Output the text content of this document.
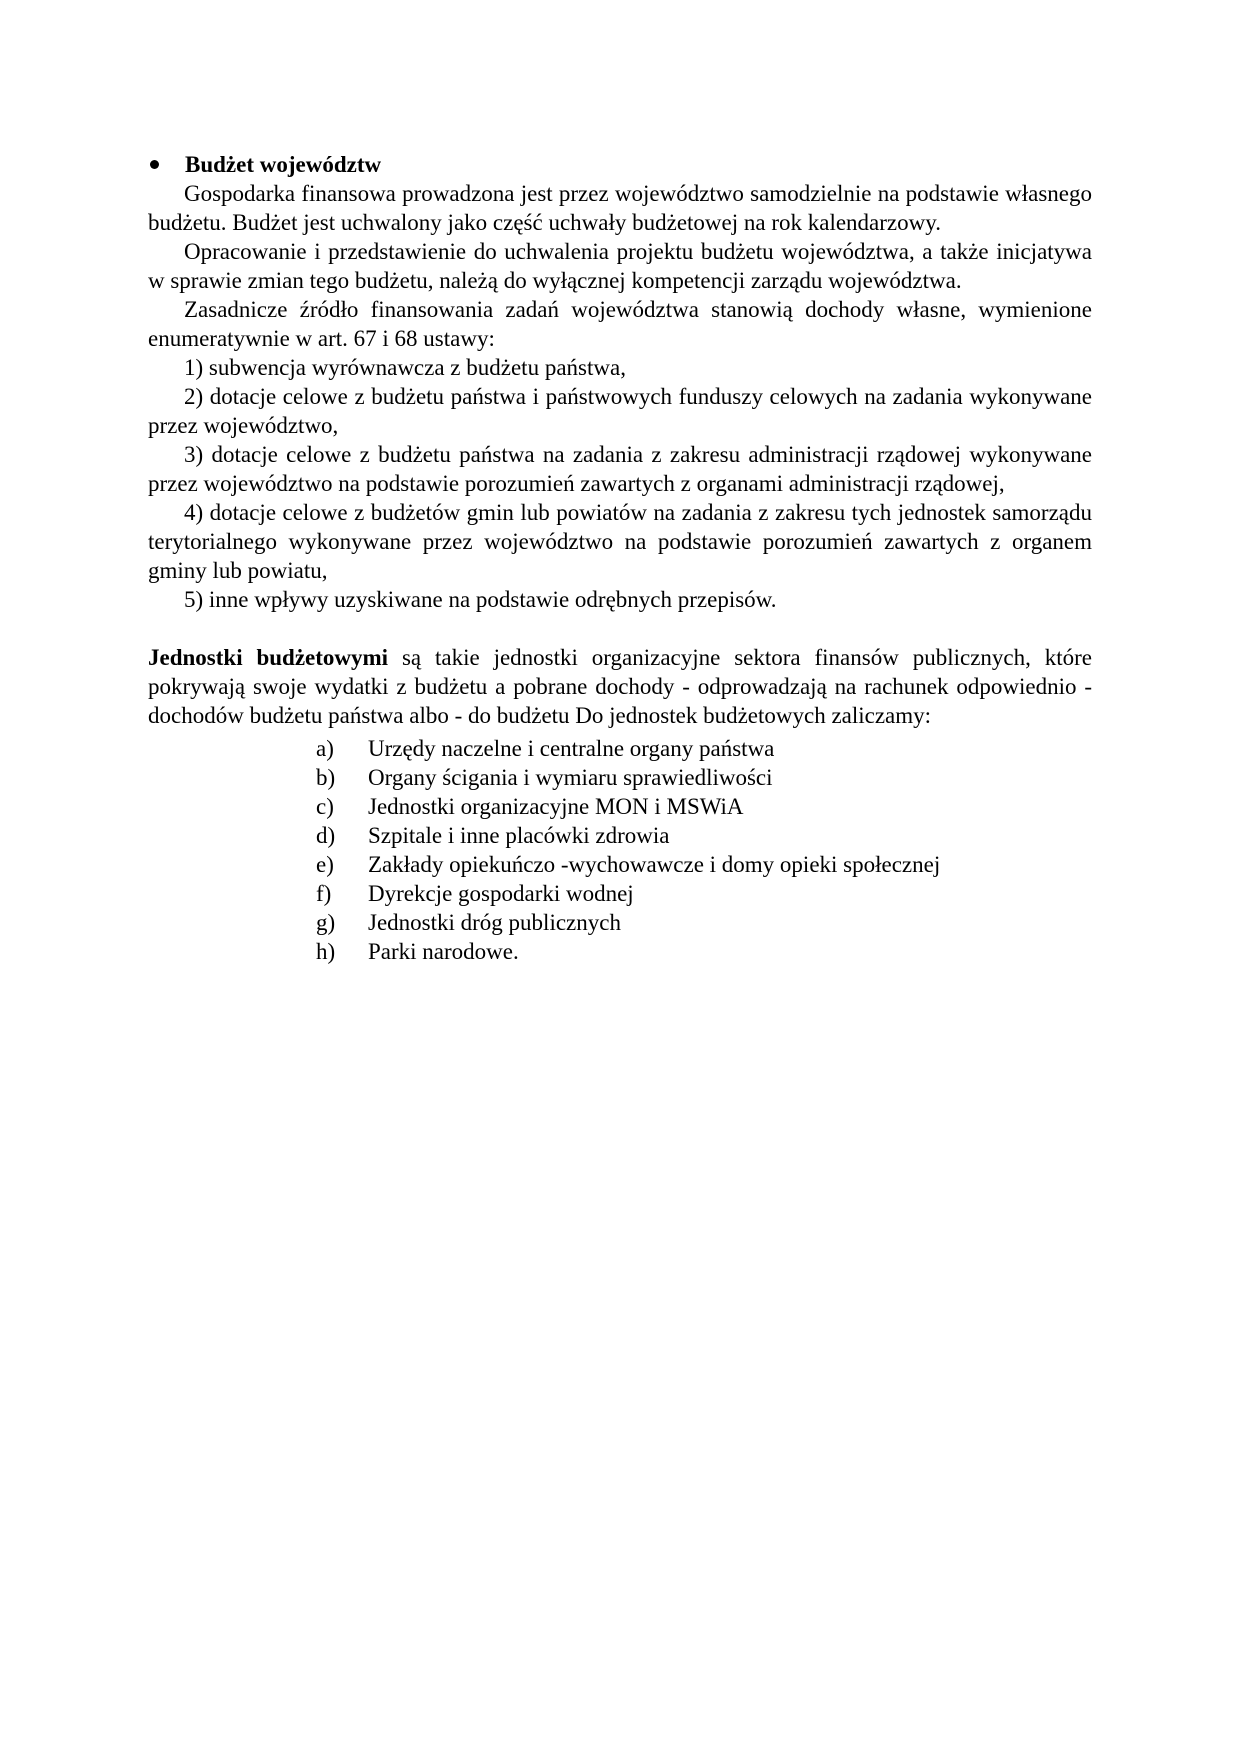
Budżet województw

Gospodarka finansowa prowadzona jest przez województwo samodzielnie na podstawie własnego budżetu. Budżet jest uchwalony jako część uchwały budżetowej na rok kalendarzowy.

Opracowanie i przedstawienie do uchwalenia projektu budżetu województwa, a także inicjatywa w sprawie zmian tego budżetu, należą do wyłącznej kompetencji zarządu województwa.

Zasadnicze źródło finansowania zadań województwa stanowią dochody własne, wymienione enumeratywnie w art. 67 i 68 ustawy:

1) subwencja wyrównawcza z budżetu państwa,

2) dotacje celowe z budżetu państwa i państwowych funduszy celowych na zadania wykonywane przez województwo,

3) dotacje celowe z budżetu państwa na zadania z zakresu administracji rządowej wykonywane przez województwo na podstawie porozumień zawartych z organami administracji rządowej,

4) dotacje celowe z budżetów gmin lub powiatów na zadania z zakresu tych jednostek samorządu terytorialnego wykonywane przez województwo na podstawie porozumień zawartych z organem gminy lub powiatu,

5) inne wpływy uzyskiwane na podstawie odrębnych przepisów.

Jednostki budżetowymi są takie jednostki organizacyjne sektora finansów publicznych, które pokrywają swoje wydatki z budżetu a pobrane dochody - odprowadzają na rachunek odpowiednio - dochodów budżetu państwa albo - do budżetu Do jednostek budżetowych zaliczamy:

a)	Urzędy naczelne i centralne organy państwa
b)	Organy ścigania i wymiaru sprawiedliwości
c)	Jednostki organizacyjne MON i MSWiA
d)	Szpitale i inne placówki zdrowia
e)	Zakłady opiekuńczo -wychowawcze i domy opieki społecznej
f)	Dyrekcje gospodarki wodnej
g)	Jednostki dróg publicznych
h)	Parki narodowe.
